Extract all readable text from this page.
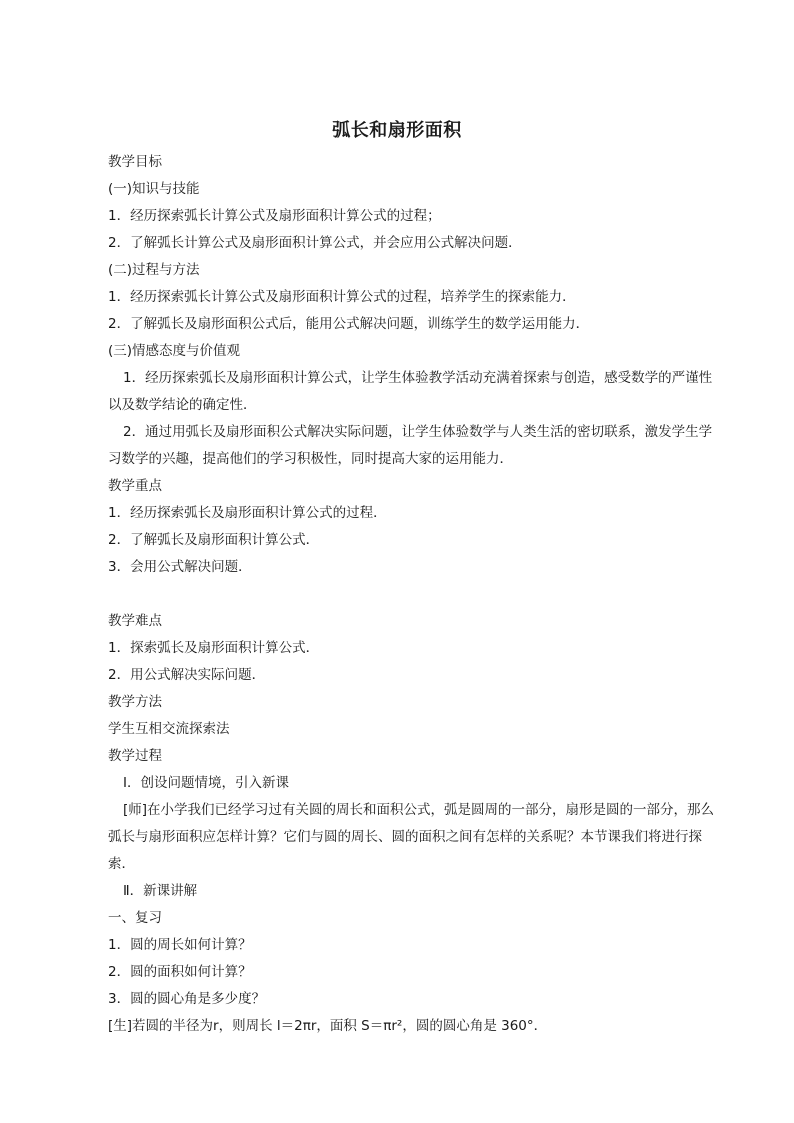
弧长和扇形面积
教学目标
(一)知识与技能
1．经历探索弧长计算公式及扇形面积计算公式的过程；
2．了解弧长计算公式及扇形面积计算公式，并会应用公式解决问题．
(二)过程与方法
1．经历探索弧长计算公式及扇形面积计算公式的过程，培养学生的探索能力．
2．了解弧长及扇形面积公式后，能用公式解决问题，训练学生的数学运用能力．
(三)情感态度与价值观
1．经历探索弧长及扇形面积计算公式，让学生体验教学活动充满着探索与创造，感受数学的严谨性
以及数学结论的确定性．
2．通过用弧长及扇形面积公式解决实际问题，让学生体验数学与人类生活的密切联系，激发学生学
习数学的兴趣，提高他们的学习积极性，同时提高大家的运用能力．
教学重点
1．经历探索弧长及扇形面积计算公式的过程．
2．了解弧长及扇形面积计算公式．
3．会用公式解决问题．
教学难点
1．探索弧长及扇形面积计算公式．
2．用公式解决实际问题．
教学方法
学生互相交流探索法
教学过程
Ⅰ．创设问题情境，引入新课
[师]在小学我们已经学习过有关圆的周长和面积公式，弧是圆周的一部分，扇形是圆的一部分，那么
弧长与扇形面积应怎样计算？它们与圆的周长、圆的面积之间有怎样的关系呢？本节课我们将进行探
索．
Ⅱ．新课讲解
一、复习
1．圆的周长如何计算？
2．圆的面积如何计算？
3．圆的圆心角是多少度？
[生]若圆的半径为r，则周长 l＝2πr，面积 S＝πr²，圆的圆心角是 360°．
